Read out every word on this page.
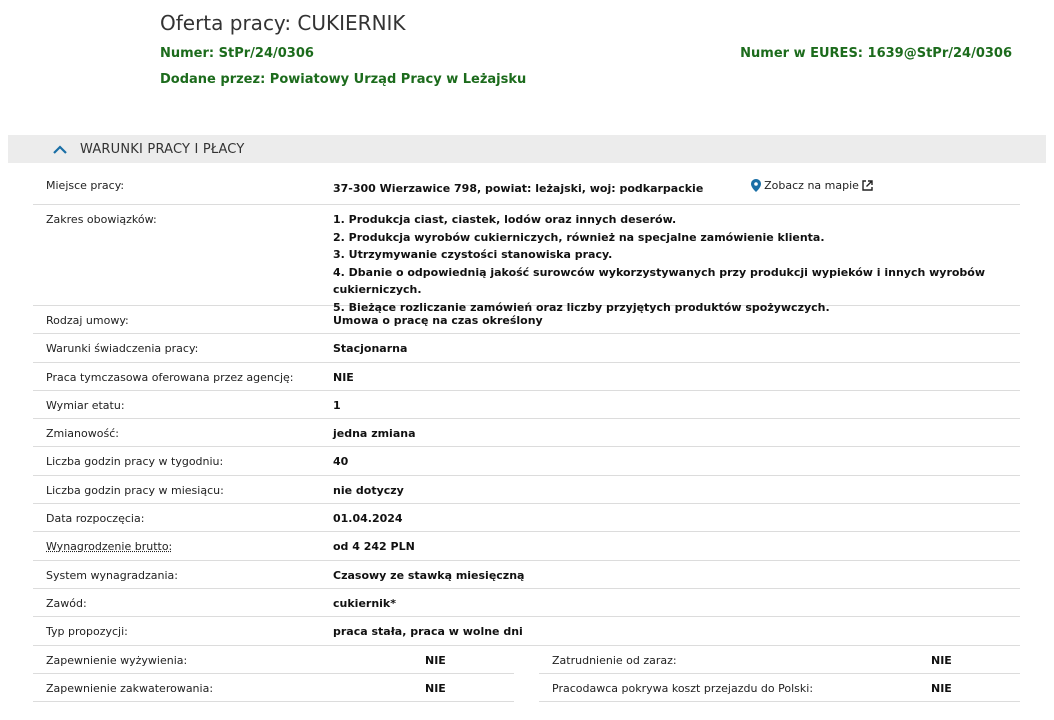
Oferta pracy: CUKIERNIK
Numer: StPr/24/0306	Numer w EURES: 1639@StPr/24/0306
Dodane przez: Powiatowy Urząd Pracy w Leżajsku
WARUNKI PRACY I PŁACY
Miejsce pracy:	37-300 Wierzawice 798, powiat: leżajski, woj: podkarpackie	Zobacz na mapie
Zakres obowiązków:	1. Produkcja ciast, ciastek, lodów oraz innych deserów.
2. Produkcja wyrobów cukierniczych, również na specjalne zamówienie klienta.
3. Utrzymywanie czystości stanowiska pracy.
4. Dbanie o odpowiednią jakość surowców wykorzystywanych przy produkcji wypieków i innych wyrobów cukierniczych.
5. Bieżące rozliczanie zamówień oraz liczby przyjętych produktów spożywczych.
Rodzaj umowy:	Umowa o pracę na czas określony
Warunki świadczenia pracy:	Stacjonarna
Praca tymczasowa oferowana przez agencję:	NIE
Wymiar etatu:	1
Zmianowość:	jedna zmiana
Liczba godzin pracy w tygodniu:	40
Liczba godzin pracy w miesiącu:	nie dotyczy
Data rozpoczęcia:	01.04.2024
Wynagrodzenie brutto:	od 4 242 PLN
System wynagradzania:	Czasowy ze stawką miesięczną
Zawód:	cukiernik*
Typ propozycji:	praca stała, praca w wolne dni
Zapewnienie wyżywienia:	NIE
Zapewnienie zakwaterowania:	NIE
Zatrudnienie od zaraz:	NIE
Pracodawca pokrywa koszt przejazdu do Polski:	NIE
